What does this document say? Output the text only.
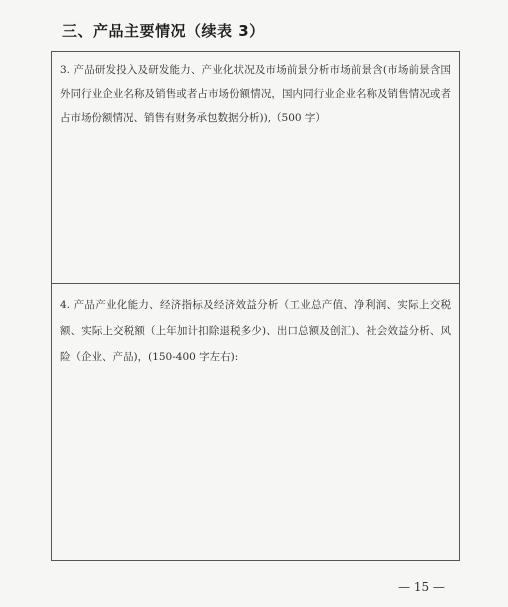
三、产品主要情况（续表 3）

3. 产品研发投入及研发能力、产业化状况及市场前景分析市场前景含(市场前景含国外同行业企业名称及销售或者占市场份额情况，国内同行业企业名称及销售情况或者占市场份额情况、销售有财务承包数据分析)),（500 字）

4. 产品产业化能力、经济指标及经济效益分析（工业总产值、净利润、实际上交税额、实际上交税额（上年加计扣除退税多少)、出口总额及创汇)、社会效益分析、风险（企业、产品)，(150-400 字左右):

— 15 —
